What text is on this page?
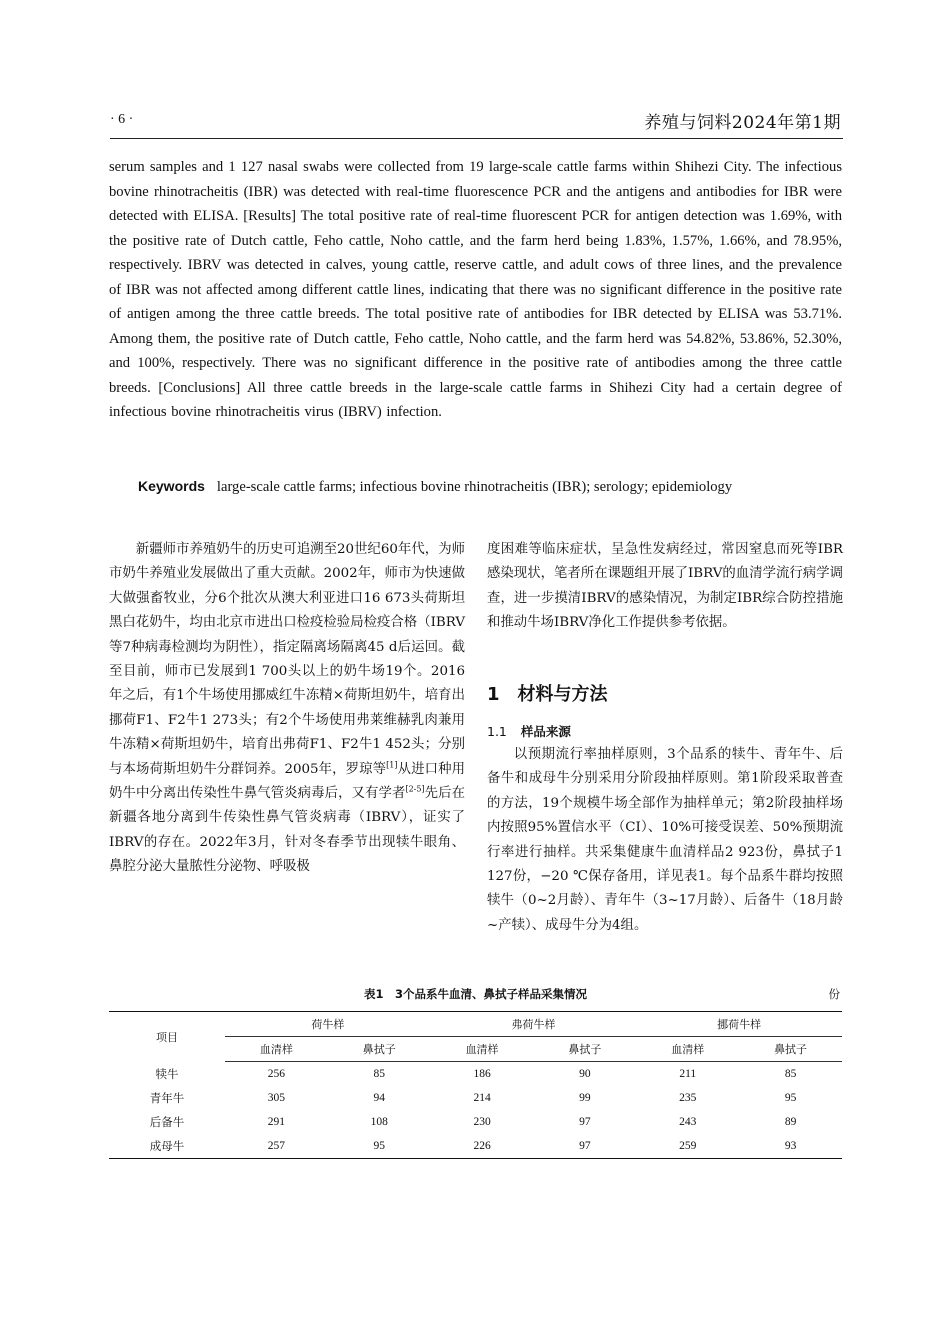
· 6 ·	养殖与饲料2024年第1期
serum samples and 1 127 nasal swabs were collected from 19 large-scale cattle farms within Shihezi City. The infectious bovine rhinotracheitis (IBR) was detected with real-time fluorescence PCR and the antigens and antibodies for IBR were detected with ELISA. [Results] The total positive rate of real-time fluorescent PCR for antigen detection was 1.69%, with the positive rate of Dutch cattle, Feho cattle, Noho cattle, and the farm herd being 1.83%, 1.57%, 1.66%, and 78.95%, respectively. IBRV was detected in calves, young cattle, reserve cattle, and adult cows of three lines, and the prevalence of IBR was not affected among different cattle lines, indicating that there was no significant difference in the positive rate of antigen among the three cattle breeds. The total positive rate of antibodies for IBR detected by ELISA was 53.71%. Among them, the positive rate of Dutch cattle, Feho cattle, Noho cattle, and the farm herd was 54.82%, 53.86%, 52.30%, and 100%, respectively. There was no significant difference in the positive rate of antibodies among the three cattle breeds. [Conclusions] All three cattle breeds in the large-scale cattle farms in Shihezi City had a certain degree of infectious bovine rhinotracheitis virus (IBRV) infection.
Keywords large-scale cattle farms; infectious bovine rhinotracheitis (IBR); serology; epidemiology

新疆师市养殖奶牛的历史可追溯至20世纪60年代，为师市奶牛养殖业发展做出了重大贡献。2002年，师市为快速做大做强畜牧业，分6个批次从澳大利亚进口16 673头荷斯坦黑白花奶牛，均由北京市进出口检疫检验局检疫合格（IBRV等7种病毒检测均为阴性），指定隔离场隔离45 d后运回。截至目前，师市已发展到1 700头以上的奶牛场19个。2016年之后，有1个牛场使用挪威红牛冻精×荷斯坦奶牛，培育出挪荷F1、F2牛1 273头；有2个牛场使用弗莱维赫乳肉兼用牛冻精×荷斯坦奶牛，培育出弗荷F1、F2牛1 452头；分别与本场荷斯坦奶牛分群饲养。2005年，罗琼等[1]从进口种用奶牛中分离出传染性牛鼻气管炎病毒后，又有学者[2-5]先后在新疆各地分离到牛传染性鼻气管炎病毒（IBRV），证实了IBRV的存在。2022年3月，针对冬春季节出现犊牛眼角、鼻腔分泌大量脓性分泌物、呼吸极

度困难等临床症状，呈急性发病经过，常因窒息而死等IBR感染现状，笔者所在课题组开展了IBRV的血清学流行病学调查，进一步摸清IBRV的感染情况，为制定IBR综合防控措施和推动牛场IBRV净化工作提供参考依据。

1 材料与方法
1.1 样品来源

以预期流行率抽样原则，3个品系的犊牛、青年牛、后备牛和成母牛分别采用分阶段抽样原则。第1阶段采取普查的方法，19个规模牛场全部作为抽样单元；第2阶段抽样场内按照95%置信水平（CI）、10%可接受误差、50%预期流行率进行抽样。共采集健康牛血清样品2 923份，鼻拭子1 127份，−20 ℃保存备用，详见表1。每个品系牛群均按照犊牛（0~2月龄）、青年牛（3~17月龄）、后备牛（18月龄~产犊）、成母牛分为4组。

表1　3个品系牛血清、鼻拭子样品采集情况	份
项目	荷牛样		弗荷牛样		挪荷牛样	
	血清样	鼻拭子	血清样	鼻拭子	血清样	鼻拭子
犊牛	256	85	186	90	211	85
青年牛	305	94	214	99	235	95
后备牛	291	108	230	97	243	89
成母牛	257	95	226	97	259	93
